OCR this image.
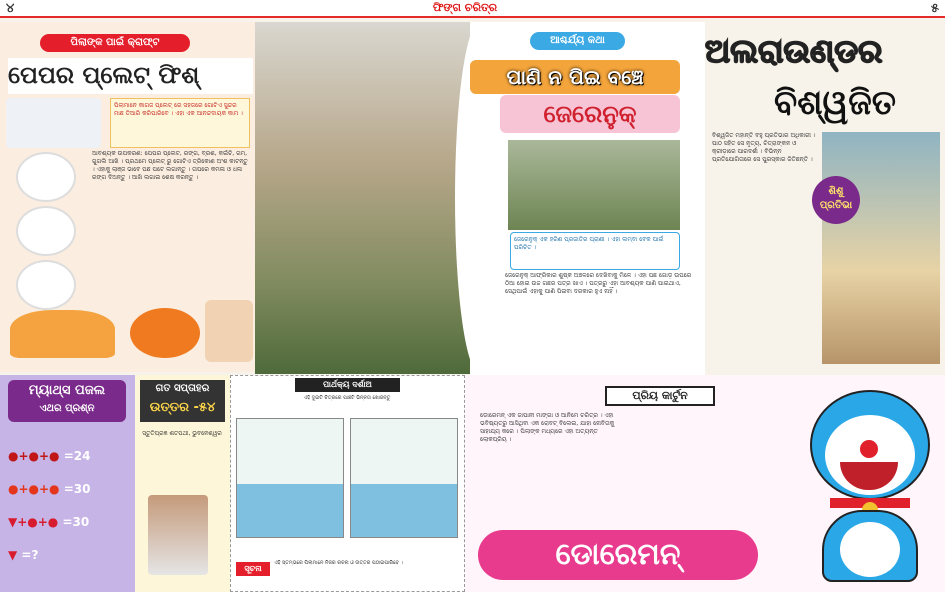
୪	୫
ଫିଙ୍ଗ ଚରିତ୍ର
ପିଲାଙ୍କ ପାଇଁ କ୍ରାଫ୍ଟ
ପେପର ପ୍ଲେଟ୍ ଫିଶ୍
ପିଲାମାନେ କାଗଜ ପ୍ଲେଟ୍ ରେ ସହଜରେ ଗୋଟିଏ ସୁନ୍ଦର ମାଛ ତିଆରି କରିପାରିବେ । ଏହା ଏକ ଆନନ୍ଦଦାୟକ କାମ ।
ଆବଶ୍ୟକ ଉପକରଣ: ପେପର ପ୍ଲେଟ, ରଙ୍ଗ, ବ୍ରଶ, କଇଁଚି, ଗମ, ଗୁଗଲି ଆଖି । ପ୍ରଥମେ ପ୍ଲେଟ୍ ରୁ ଗୋଟିଏ ତ୍ରିକୋଣ ଅଂଶ କାଟନ୍ତୁ । ଏହାକୁ ଲାଞ୍ଜ ଭାବେ ପଛ ପଟେ ଲଗାନ୍ତୁ । ତାପରେ କମଳା ଓ ଧଳା ରଙ୍ଗ ଦିଅନ୍ତୁ । ଆଖି ଲଗାଇ ଶେଷ କରନ୍ତୁ ।
ଆଶ୍ଚର୍ଯ୍ୟ କଥା
ପାଣି ନ ପିଇ ବଞ୍ଚେ
ଜେରେନୁକ୍
ଜେରେନୁକ୍ ଏକ ହରିଣ ପ୍ରଜାତିର ପ୍ରାଣୀ । ଏହା ଲମ୍ବା ବେକ ପାଇଁ ପରିଚିତ ।
ଜେରେନୁକ୍ ଆଫ୍ରିକାର ଶୁଷ୍କ ଅଞ୍ଚଳରେ ଦେଖିବାକୁ ମିଳେ । ଏହା ପଛ ଗୋଡ଼ ଉପରେ ଠିଆ ହୋଇ ଉଚ୍ଚ ଗଛର ପତ୍ର ଖାଏ । ପତ୍ରରୁ ଏହା ଆବଶ୍ୟକ ପାଣି ପାଇଥାଏ, ସେଥିପାଇଁ ଏହାକୁ ପାଣି ପିଇବା ଦରକାର ହୁଏ ନାହିଁ ।
ଅଲରାଉଣ୍ଡର
ବିଶ୍ୱଜିତ
ବିଶ୍ୱଜିତ ମହାନ୍ତି ବହୁ ପ୍ରତିଭାର ଅଧିକାରୀ । ପାଠ ସହିତ ସେ ନୃତ୍ୟ, ଚିତ୍ରାଙ୍କନ ଓ କ୍ରୀଡ଼ାରେ ପାରଦର୍ଶୀ । ବିଭିନ୍ନ ପ୍ରତିଯୋଗିତାରେ ସେ ପୁରସ୍କାର ଜିତିଛନ୍ତି ।
ଶିଶୁ
ପ୍ରତିଭା
ମ୍ୟାଥ୍ସ ପଜଲ
ଏଥର ପ୍ରଶ୍ନ
●+●+● =24
●+●+● =30
▼+●+● =30
▼ =?
ଗତ ସପ୍ତାହର
ଉତ୍ତର -୫୪
ସ୍ତୁତିପ୍ରଜ୍ଞ ଶତପଥୀ, ଭୁବନେଶ୍ୱର
ପାର୍ଥକ୍ୟ ଦର୍ଶାଅ
ଏହି ଦୁଇଟି ଚିତ୍ରରେ ପାଞ୍ଚଟି ଭିନ୍ନତା ଖୋଜନ୍ତୁ
ସୂଚନା
ଏହି ସ୍ତମ୍ଭରେ ପିଲାମାନେ ନିଜର ରଚନା ଓ ଉତ୍ତର ପଠାଇପାରିବେ ।
ପ୍ରିୟ କାର୍ଟୁନ
ଡୋରେମନ୍ ଏକ ଜାପାନୀ ମାଙ୍ଗା ଓ ଆନିମେ ଚରିତ୍ର । ଏହା ଭବିଷ୍ୟତରୁ ଆସିଥିବା ଏକ ରୋବଟ୍ ବିଲେଇ, ଯାହା ନୋବିତାକୁ ସାହାଯ୍ୟ କରେ । ପିଲାଙ୍କ ମଧ୍ୟରେ ଏହା ଅତ୍ୟନ୍ତ ଲୋକପ୍ରିୟ ।
ଡୋରେମନ୍
